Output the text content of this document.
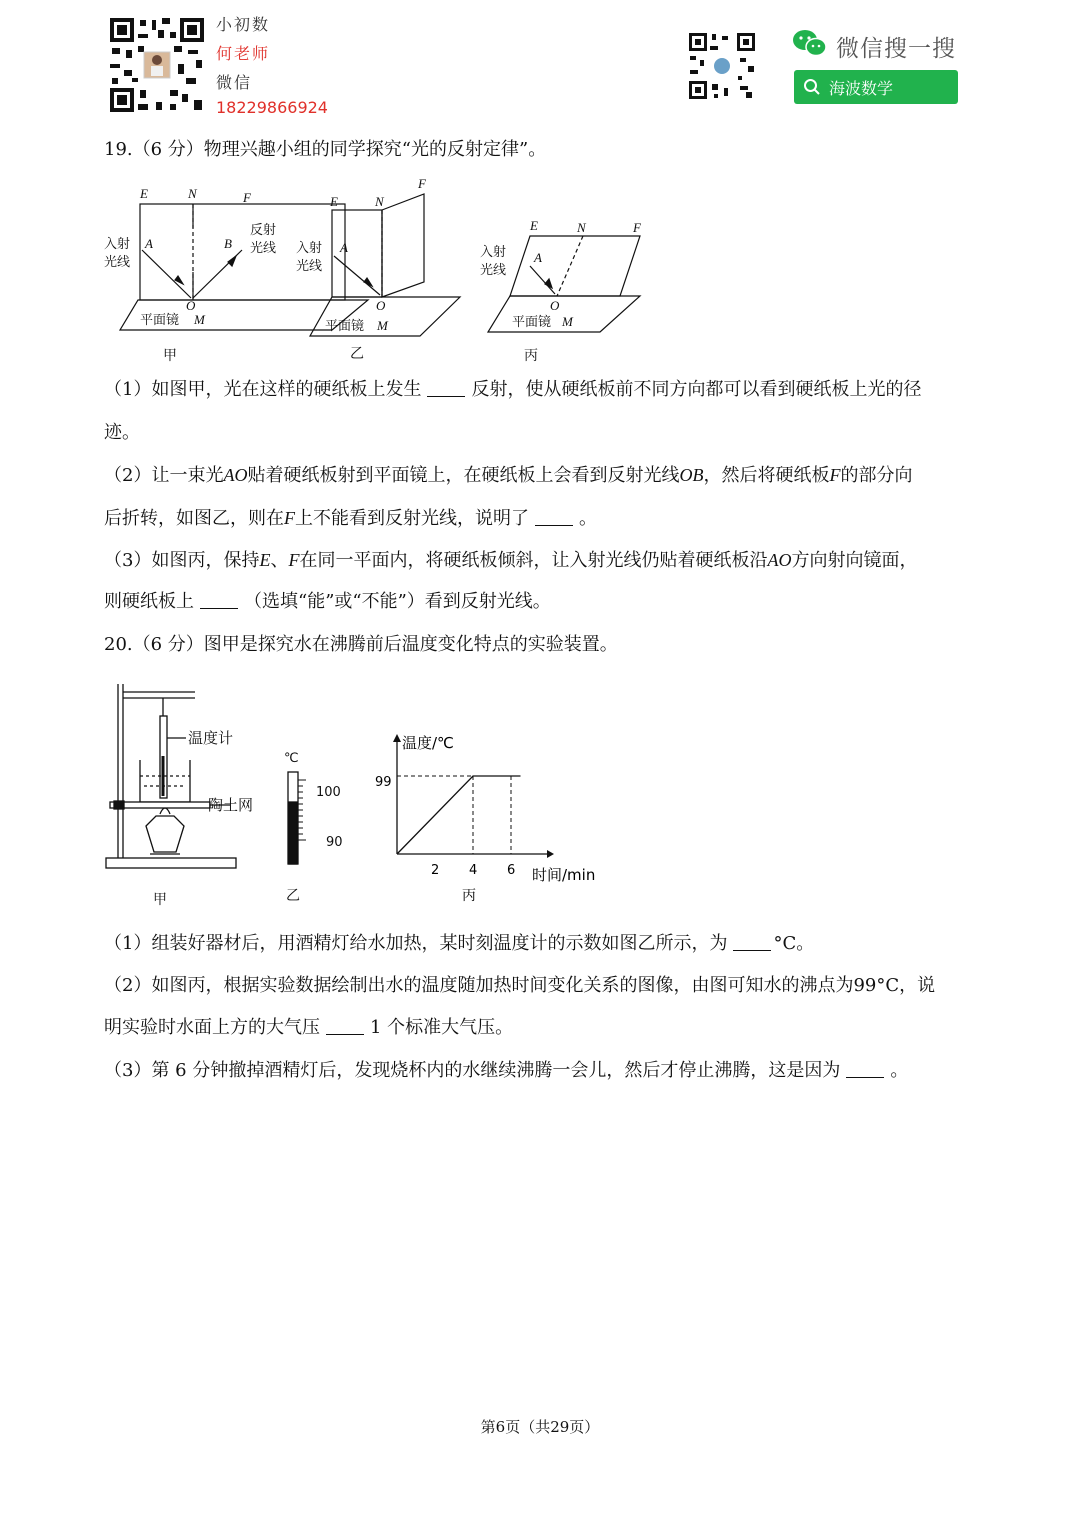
小初数
何老师
微信
18229866924
微信搜一搜
海波数学
19.（6 分）物理兴趣小组的同学探究“光的反射定律”。
E	N	F
入射
光线
A	B
反射
光线
O
平面镜 M
甲
E	N
F
入射
光线
A
O
平面镜 M
乙
E	N	F
入射
光线
A
O
平面镜 M
丙
（1）如图甲，光在这样的硬纸板上发生	反射，使从硬纸板前不同方向都可以看到硬纸板上光的径
迹。
（2）让一束光AO贴着硬纸板射到平面镜上，在硬纸板上会看到反射光线OB，然后将硬纸板F的部分向
后折转，如图乙，则在F上不能看到反射光线，说明了	。
（3）如图丙，保持E、F在同一平面内，将硬纸板倾斜，让入射光线仍贴着硬纸板沿AO方向射向镜面，
则硬纸板上	（选填“能”或“不能”）看到反射光线。
20.（6 分）图甲是探究水在沸腾前后温度变化特点的实验装置。
温度计
陶土网
甲
℃
100
90
乙
温度/℃
时间/min
99
2 4 6
丙
（1）组装好器材后，用酒精灯给水加热，某时刻温度计的示数如图乙所示，为	°C。
（2）如图丙，根据实验数据绘制出水的温度随加热时间变化关系的图像，由图可知水的沸点为99°C，说
明实验时水面上方的大气压	1 个标准大气压。
（3）第 6 分钟撤掉酒精灯后，发现烧杯内的水继续沸腾一会儿，然后才停止沸腾，这是因为	。
第6页（共29页）
